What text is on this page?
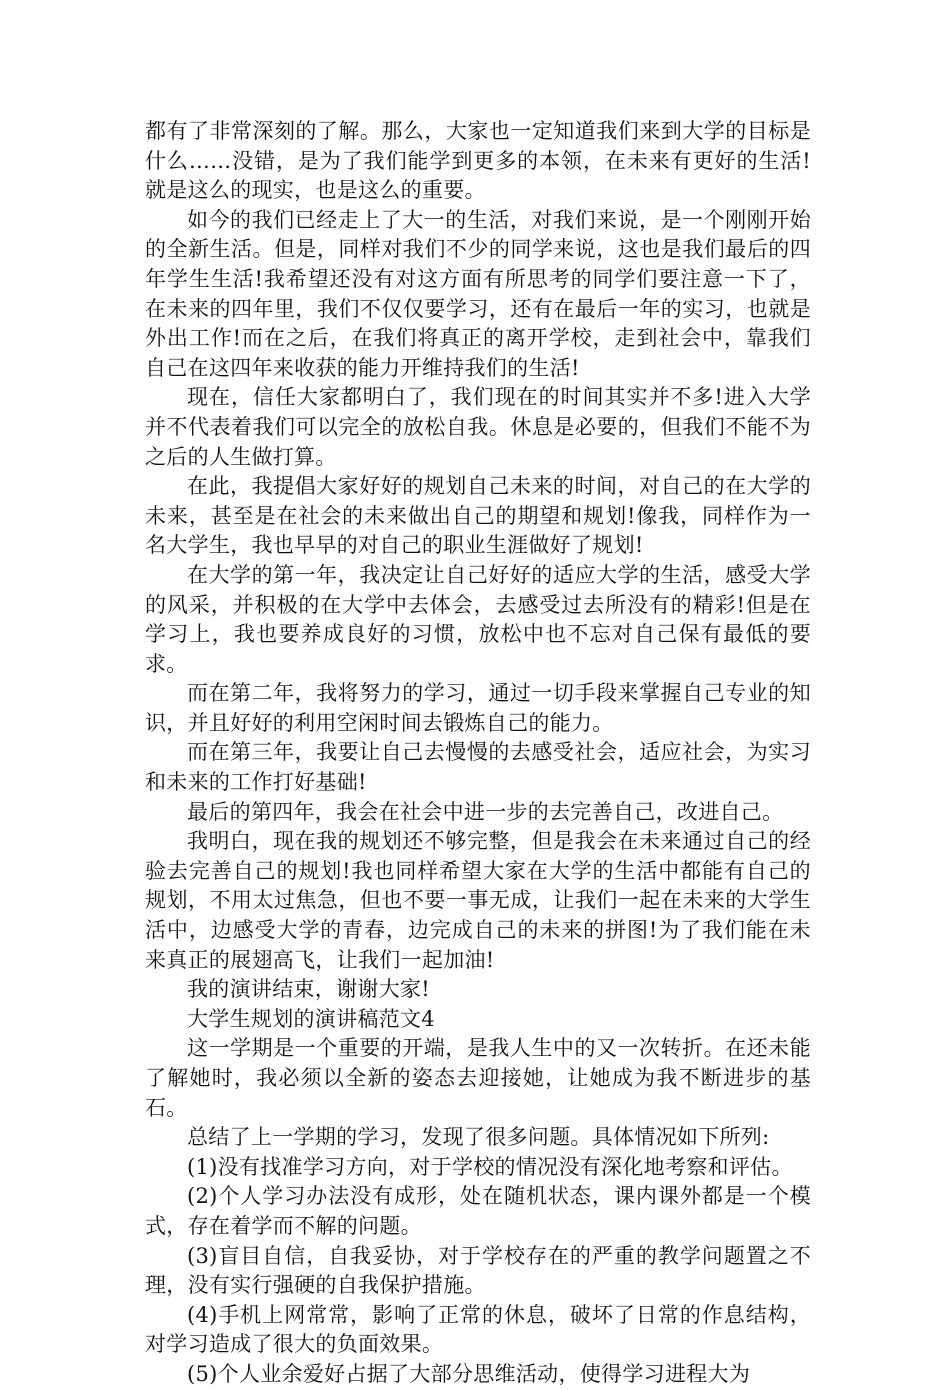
都有了非常深刻的了解。那么，大家也一定知道我们来到大学的目标是什么……没错，是为了我们能学到更多的本领，在未来有更好的生活!就是这么的现实，也是这么的重要。

如今的我们已经走上了大一的生活，对我们来说，是一个刚刚开始的全新生活。但是，同样对我们不少的同学来说，这也是我们最后的四年学生生活!我希望还没有对这方面有所思考的同学们要注意一下了，在未来的四年里，我们不仅仅要学习，还有在最后一年的实习，也就是外出工作!而在之后，在我们将真正的离开学校，走到社会中，靠我们自己在这四年来收获的能力开维持我们的生活!

现在，信任大家都明白了，我们现在的时间其实并不多!进入大学并不代表着我们可以完全的放松自我。休息是必要的，但我们不能不为之后的人生做打算。

在此，我提倡大家好好的规划自己未来的时间，对自己的在大学的未来，甚至是在社会的未来做出自己的期望和规划!像我，同样作为一名大学生，我也早早的对自己的职业生涯做好了规划!

在大学的第一年，我决定让自己好好的适应大学的生活，感受大学的风采，并积极的在大学中去体会，去感受过去所没有的精彩!但是在学习上，我也要养成良好的习惯，放松中也不忘对自己保有最低的要求。

而在第二年，我将努力的学习，通过一切手段来掌握自己专业的知识，并且好好的利用空闲时间去锻炼自己的能力。

而在第三年，我要让自己去慢慢的去感受社会，适应社会，为实习和未来的工作打好基础!

最后的第四年，我会在社会中进一步的去完善自己，改进自己。

我明白，现在我的规划还不够完整，但是我会在未来通过自己的经验去完善自己的规划!我也同样希望大家在大学的生活中都能有自己的规划，不用太过焦急，但也不要一事无成，让我们一起在未来的大学生活中，边感受大学的青春，边完成自己的未来的拼图!为了我们能在未来真正的展翅高飞，让我们一起加油!

我的演讲结束，谢谢大家!

大学生规划的演讲稿范文4

这一学期是一个重要的开端，是我人生中的又一次转折。在还未能了解她时，我必须以全新的姿态去迎接她，让她成为我不断进步的基石。

总结了上一学期的学习，发现了很多问题。具体情况如下所列:

(1)没有找准学习方向，对于学校的情况没有深化地考察和评估。

(2)个人学习办法没有成形，处在随机状态，课内课外都是一个模式，存在着学而不解的问题。

(3)盲目自信，自我妥协，对于学校存在的严重的教学问题置之不理，没有实行强硬的自我保护措施。

(4)手机上网常常，影响了正常的休息，破坏了日常的作息结构，对学习造成了很大的负面效果。

(5)个人业余爱好占据了大部分思维活动，使得学习进程大为
